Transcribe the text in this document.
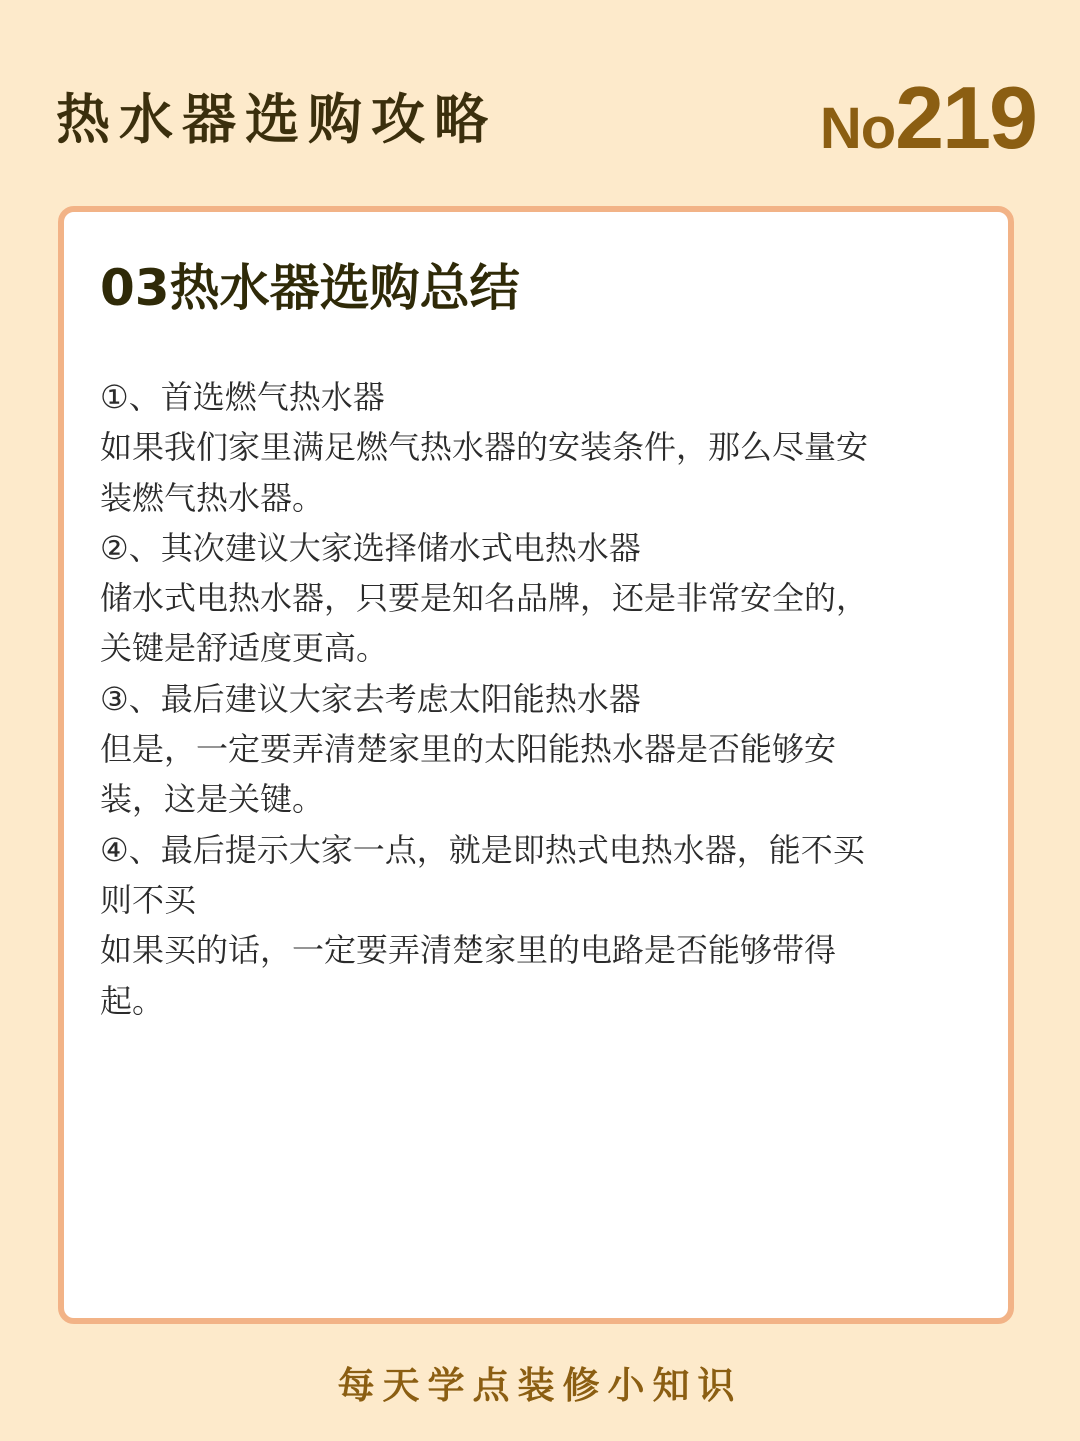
热水器选购攻略	No219
03热水器选购总结
①、首选燃气热水器
如果我们家里满足燃气热水器的安装条件，那么尽量安
装燃气热水器。
②、其次建议大家选择储水式电热水器
储水式电热水器，只要是知名品牌，还是非常安全的，
关键是舒适度更高。
③、最后建议大家去考虑太阳能热水器
但是，一定要弄清楚家里的太阳能热水器是否能够安
装，这是关键。
④、最后提示大家一点，就是即热式电热水器，能不买
则不买
如果买的话，一定要弄清楚家里的电路是否能够带得
起。
每天学点装修小知识
